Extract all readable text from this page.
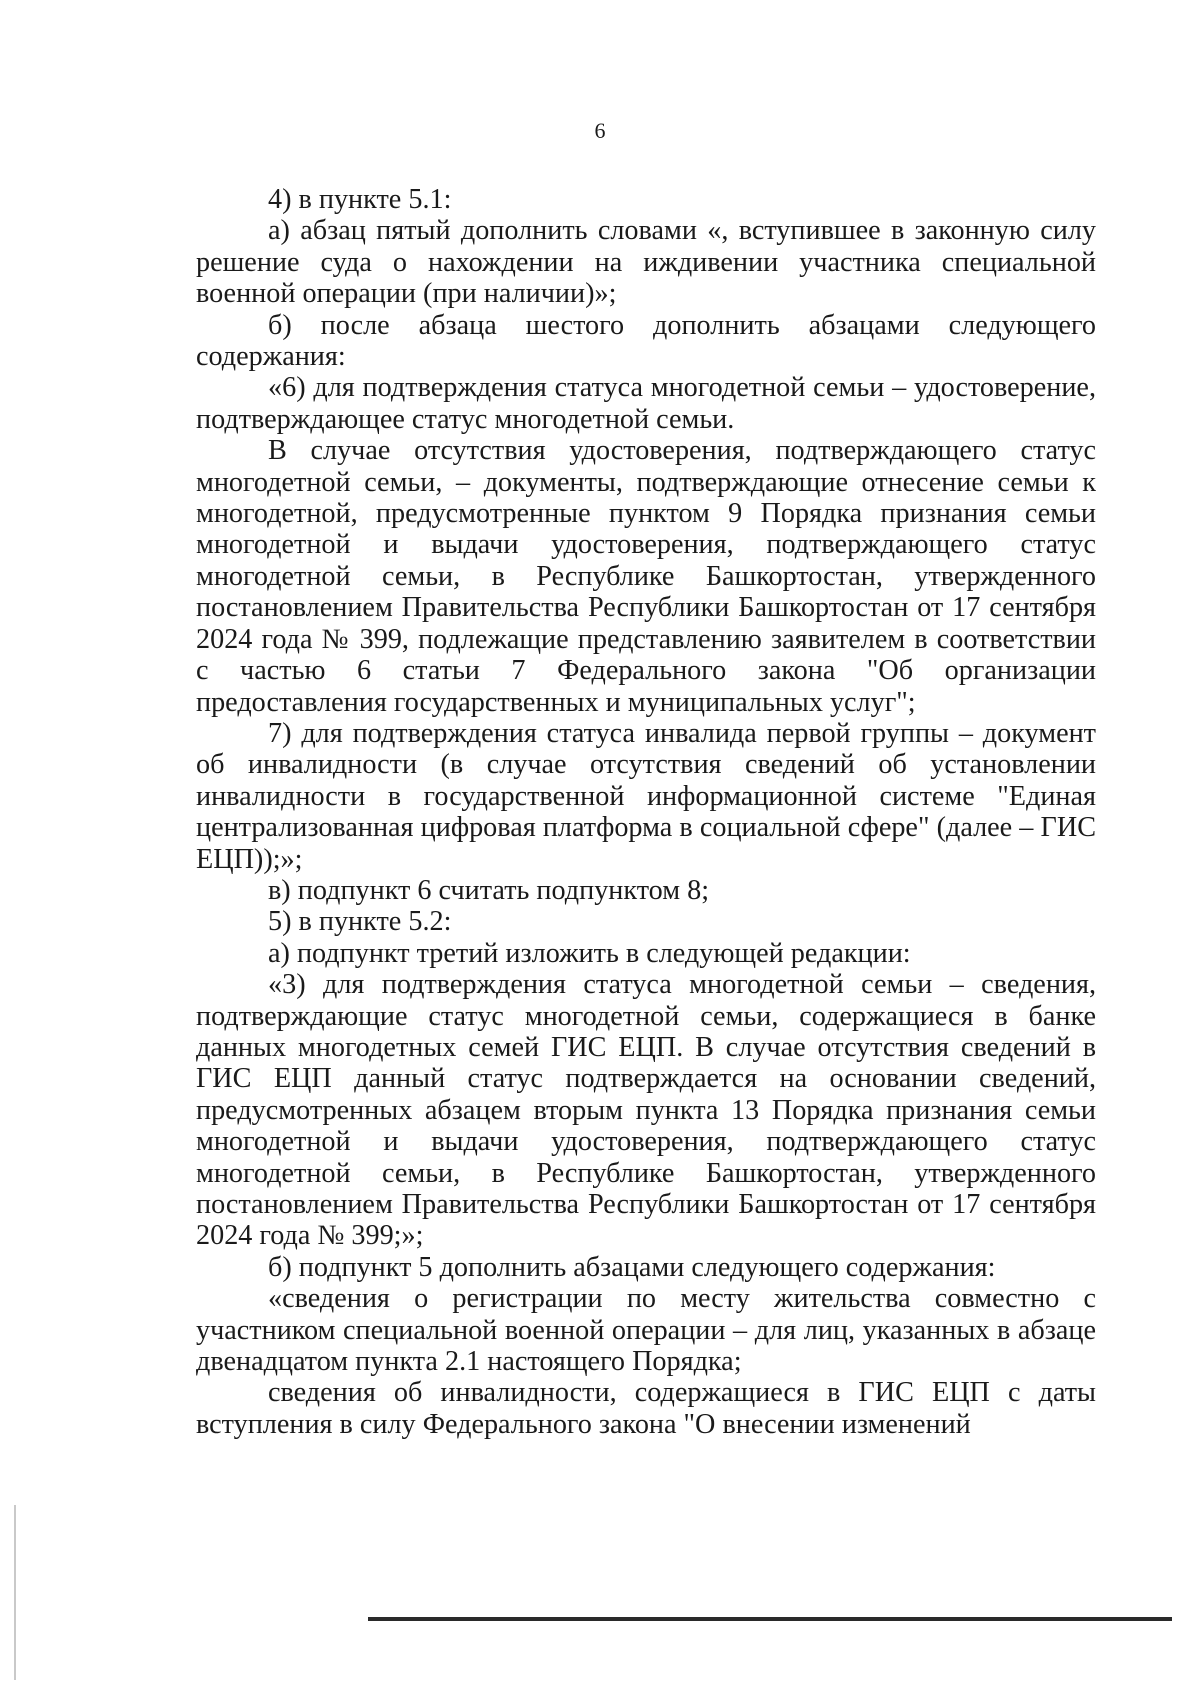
6

4) в пункте 5.1:

а) абзац пятый дополнить словами «, вступившее в законную силу решение суда о нахождении на иждивении участника специальной военной операции (при наличии)»;

б) после абзаца шестого дополнить абзацами следующего содержания:

«6) для подтверждения статуса многодетной семьи – удостоверение, подтверждающее статус многодетной семьи.

В случае отсутствия удостоверения, подтверждающего статус многодетной семьи, – документы, подтверждающие отнесение семьи к многодетной, предусмотренные пунктом 9 Порядка признания семьи многодетной и выдачи удостоверения, подтверждающего статус многодетной семьи, в Республике Башкортостан, утвержденного постановлением Правительства Республики Башкортостан от 17 сентября 2024 года № 399, подлежащие представлению заявителем в соответствии с частью 6 статьи 7 Федерального закона "Об организации предоставления государственных и муниципальных услуг";

7) для подтверждения статуса инвалида первой группы – документ об инвалидности (в случае отсутствия сведений об установлении инвалидности в государственной информационной системе "Единая централизованная цифровая платформа в социальной сфере" (далее – ГИС ЕЦП));»;

в) подпункт 6 считать подпунктом 8;

5) в пункте 5.2:

а) подпункт третий изложить в следующей редакции:

«3) для подтверждения статуса многодетной семьи – сведения, подтверждающие статус многодетной семьи, содержащиеся в банке данных многодетных семей ГИС ЕЦП. В случае отсутствия сведений в ГИС ЕЦП данный статус подтверждается на основании сведений, предусмотренных абзацем вторым пункта 13 Порядка признания семьи многодетной и выдачи удостоверения, подтверждающего статус многодетной семьи, в Республике Башкортостан, утвержденного постановлением Правительства Республики Башкортостан от 17 сентября 2024 года № 399;»;

б) подпункт 5 дополнить абзацами следующего содержания:

«сведения о регистрации по месту жительства совместно с участником специальной военной операции – для лиц, указанных в абзаце двенадцатом пункта 2.1 настоящего Порядка;

сведения об инвалидности, содержащиеся в ГИС ЕЦП с даты вступления в силу Федерального закона "О внесении изменений
